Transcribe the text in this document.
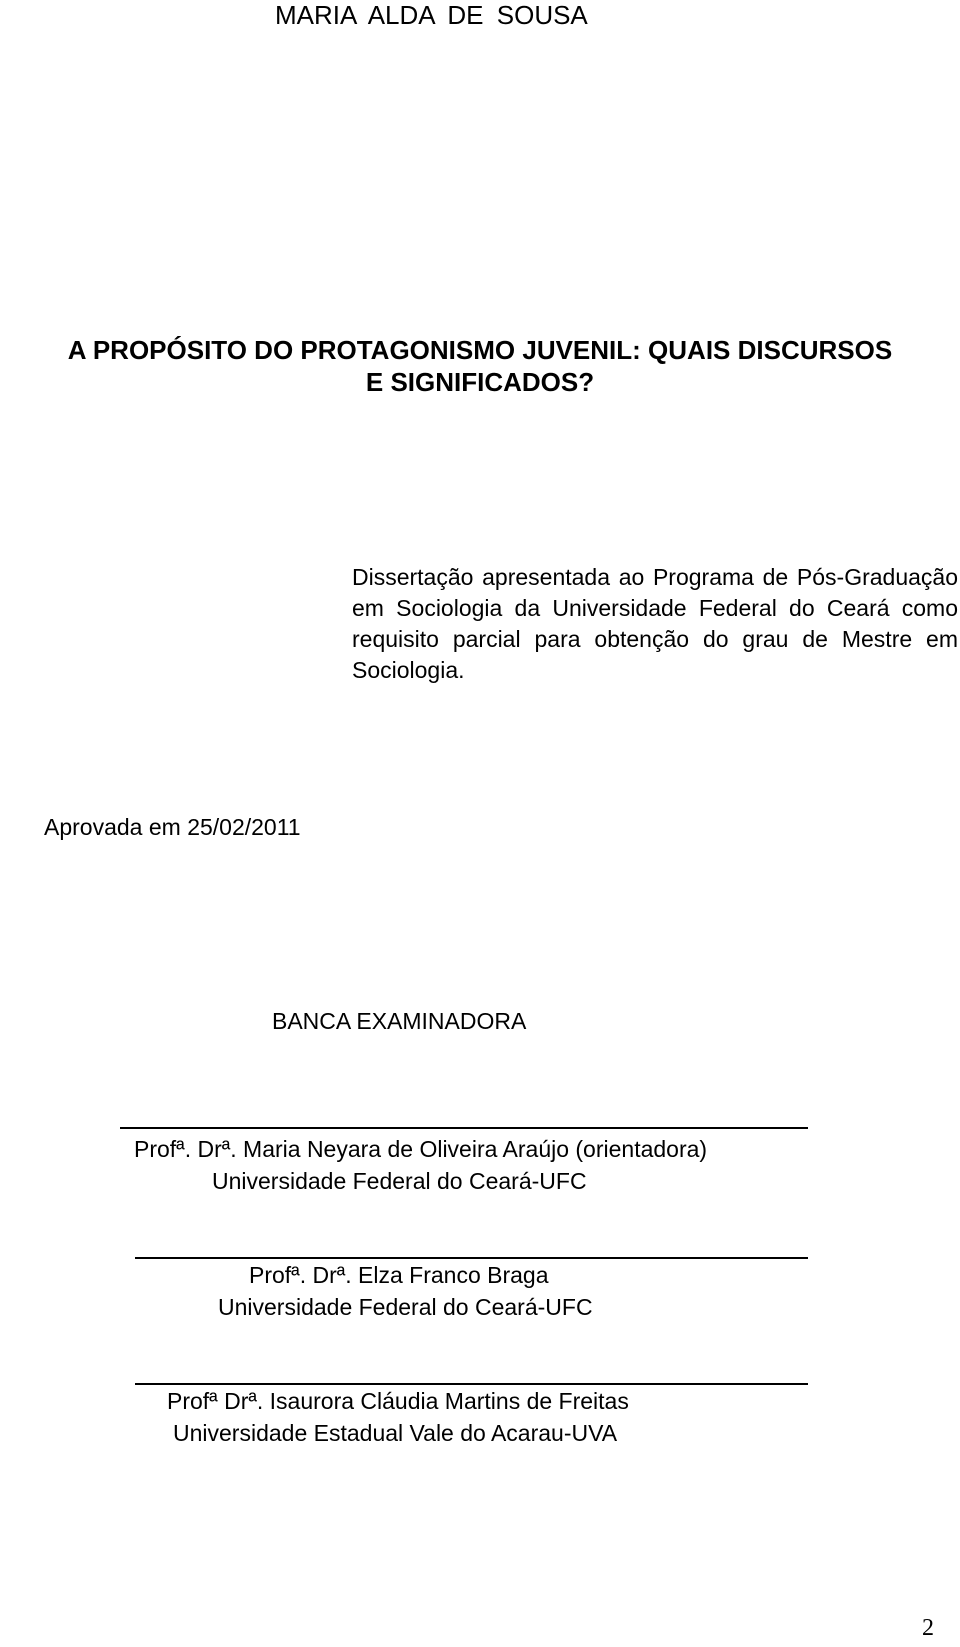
MARIA ALDA DE SOUSA
A PROPÓSITO DO PROTAGONISMO JUVENIL: QUAIS DISCURSOS
E SIGNIFICADOS?
Dissertação apresentada ao Programa de Pós-Graduação em Sociologia da Universidade Federal do Ceará como requisito parcial para obtenção do grau de Mestre em Sociologia.
Aprovada em 25/02/2011
BANCA EXAMINADORA
Profª. Drª. Maria Neyara de Oliveira Araújo (orientadora)
Universidade Federal do Ceará-UFC
Profª. Drª. Elza Franco Braga
Universidade Federal do Ceará-UFC
Profª Drª. Isaurora Cláudia Martins de Freitas
Universidade Estadual Vale do Acarau-UVA
2
